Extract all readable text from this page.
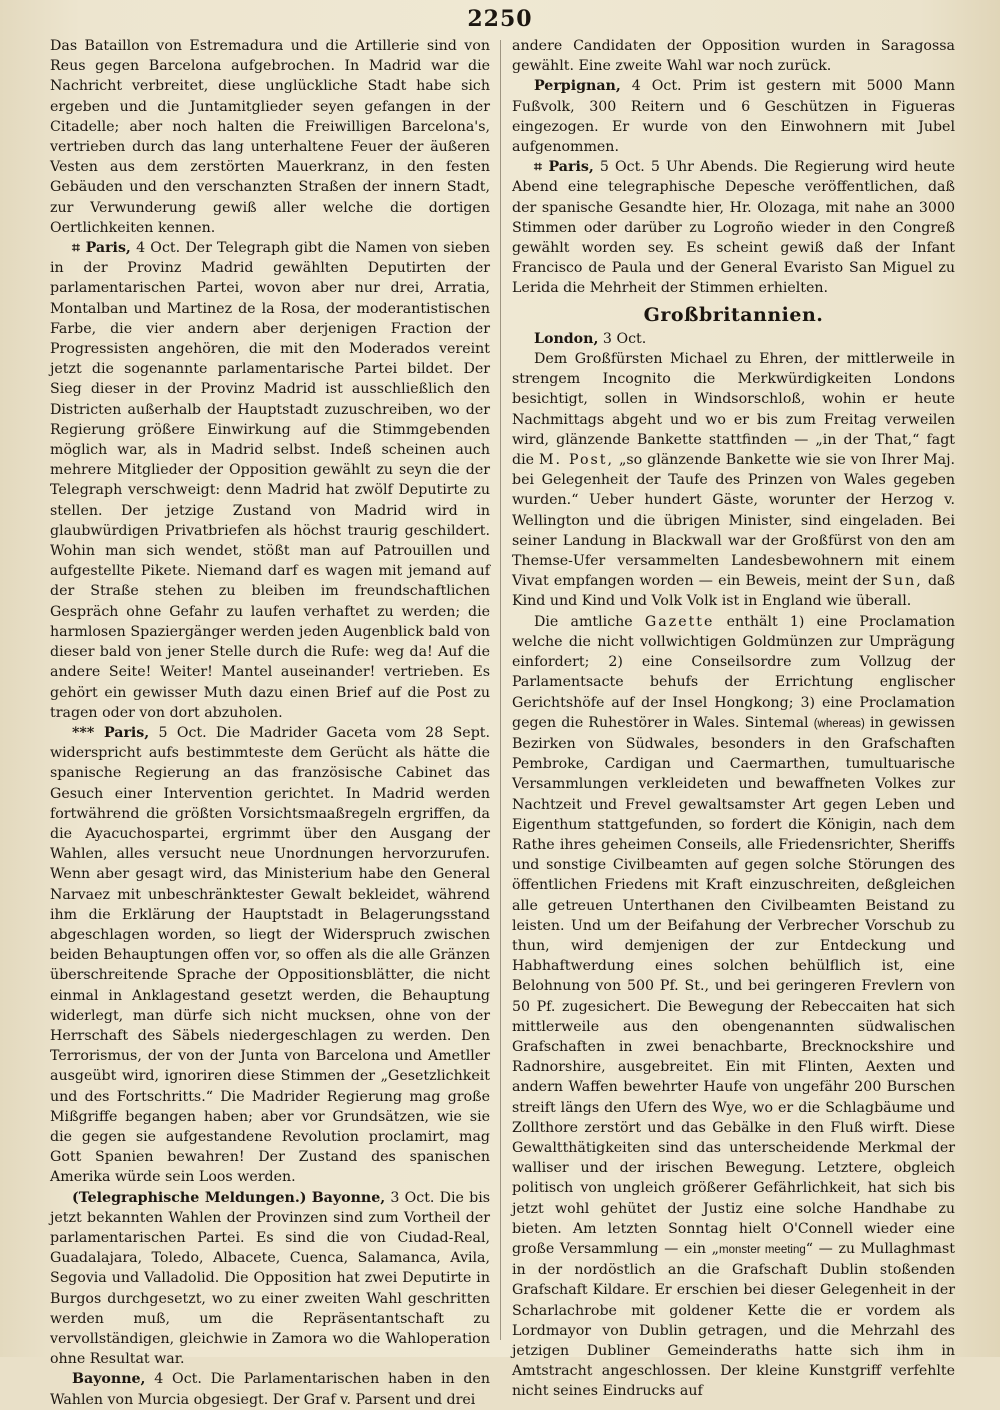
2250

Das Bataillon von Estremadura und die Artillerie sind von Reus gegen Barcelona aufgebrochen. In Madrid war die Nachricht verbreitet, diese unglückliche Stadt habe sich ergeben und die Juntamitglieder seyen gefangen in der Citadelle; aber noch halten die Freiwilligen Barcelona's, vertrieben durch das lang unterhaltene Feuer der äußeren Vesten aus dem zerstörten Mauerkranz, in den festen Gebäuden und den verschanzten Straßen der innern Stadt, zur Verwunderung gewiß aller welche die dortigen Oertlichkeiten kennen.

⌗ Paris, 4 Oct. Der Telegraph gibt die Namen von sieben in der Provinz Madrid gewählten Deputirten der parlamentarischen Partei, wovon aber nur drei, Arratia, Montalban und Martinez de la Rosa, der moderantistischen Farbe, die vier andern aber derjenigen Fraction der Progressisten angehören, die mit den Moderados vereint jetzt die sogenannte parlamentarische Partei bildet. Der Sieg dieser in der Provinz Madrid ist ausschließlich den Districten außerhalb der Hauptstadt zuzuschreiben, wo der Regierung größere Einwirkung auf die Stimmgebenden möglich war, als in Madrid selbst. Indeß scheinen auch mehrere Mitglieder der Opposition gewählt zu seyn die der Telegraph verschweigt: denn Madrid hat zwölf Deputirte zu stellen. Der jetzige Zustand von Madrid wird in glaubwürdigen Privatbriefen als höchst traurig geschildert. Wohin man sich wendet, stößt man auf Patrouillen und aufgestellte Pikete. Niemand darf es wagen mit jemand auf der Straße stehen zu bleiben im freundschaftlichen Gespräch ohne Gefahr zu laufen verhaftet zu werden; die harmlosen Spaziergänger werden jeden Augenblick bald von dieser bald von jener Stelle durch die Rufe: weg da! Auf die andere Seite! Weiter! Mantel auseinander! vertrieben. Es gehört ein gewisser Muth dazu einen Brief auf die Post zu tragen oder von dort abzuholen.

*** Paris, 5 Oct. Die Madrider Gaceta vom 28 Sept. widerspricht aufs bestimmteste dem Gerücht als hätte die spanische Regierung an das französische Cabinet das Gesuch einer Intervention gerichtet. In Madrid werden fortwährend die größten Vorsichtsmaaßregeln ergriffen, da die Ayacuchospartei, ergrimmt über den Ausgang der Wahlen, alles versucht neue Unordnungen hervorzurufen. Wenn aber gesagt wird, das Ministerium habe den General Narvaez mit unbeschränktester Gewalt bekleidet, während ihm die Erklärung der Hauptstadt in Belagerungsstand abgeschlagen worden, so liegt der Widerspruch zwischen beiden Behauptungen offen vor, so offen als die alle Gränzen überschreitende Sprache der Oppositionsblätter, die nicht einmal in Anklagestand gesetzt werden, die Behauptung widerlegt, man dürfe sich nicht mucksen, ohne von der Herrschaft des Säbels niedergeschlagen zu werden. Den Terrorismus, der von der Junta von Barcelona und Ametller ausgeübt wird, ignoriren diese Stimmen der „Gesetzlichkeit und des Fortschritts.“ Die Madrider Regierung mag große Mißgriffe begangen haben; aber vor Grundsätzen, wie sie die gegen sie aufgestandene Revolution proclamirt, mag Gott Spanien bewahren! Der Zustand des spanischen Amerika würde sein Loos werden.

(Telegraphische Meldungen.) Bayonne, 3 Oct. Die bis jetzt bekannten Wahlen der Provinzen sind zum Vortheil der parlamentarischen Partei. Es sind die von Ciudad-Real, Guadalajara, Toledo, Albacete, Cuenca, Salamanca, Avila, Segovia und Valladolid. Die Opposition hat zwei Deputirte in Burgos durchgesetzt, wo zu einer zweiten Wahl geschritten werden muß, um die Repräsentantschaft zu vervollständigen, gleichwie in Zamora wo die Wahloperation ohne Resultat war.

Bayonne, 4 Oct. Die Parlamentarischen haben in den Wahlen von Murcia obgesiegt. Der Graf v. Parsent und drei

andere Candidaten der Opposition wurden in Saragossa gewählt. Eine zweite Wahl war noch zurück.

Perpignan, 4 Oct. Prim ist gestern mit 5000 Mann Fußvolk, 300 Reitern und 6 Geschützen in Figueras eingezogen. Er wurde von den Einwohnern mit Jubel aufgenommen.

⌗ Paris, 5 Oct. 5 Uhr Abends. Die Regierung wird heute Abend eine telegraphische Depesche veröffentlichen, daß der spanische Gesandte hier, Hr. Olozaga, mit nahe an 3000 Stimmen oder darüber zu Logroño wieder in den Congreß gewählt worden sey. Es scheint gewiß daß der Infant Francisco de Paula und der General Evaristo San Miguel zu Lerida die Mehrheit der Stimmen erhielten.

Großbritannien.

London, 3 Oct.

Dem Großfürsten Michael zu Ehren, der mittlerweile in strengem Incognito die Merkwürdigkeiten Londons besichtigt, sollen in Windsorschloß, wohin er heute Nachmittags abgeht und wo er bis zum Freitag verweilen wird, glänzende Bankette stattfinden — „in der That,“ fagt die M. Post, „so glänzende Bankette wie sie von Ihrer Maj. bei Gelegenheit der Taufe des Prinzen von Wales gegeben wurden.“ Ueber hundert Gäste, worunter der Herzog v. Wellington und die übrigen Minister, sind eingeladen. Bei seiner Landung in Blackwall war der Großfürst von den am Themse-Ufer versammelten Landesbewohnern mit einem Vivat empfangen worden — ein Beweis, meint der Sun, daß Kind und Kind und Volk Volk ist in England wie überall.

Die amtliche Gazette enthält 1) eine Proclamation welche die nicht vollwichtigen Goldmünzen zur Umprägung einfordert; 2) eine Conseilsordre zum Vollzug der Parlamentsacte behufs der Errichtung englischer Gerichtshöfe auf der Insel Hongkong; 3) eine Proclamation gegen die Ruhestörer in Wales. Sintemal (whereas) in gewissen Bezirken von Südwales, besonders in den Grafschaften Pembroke, Cardigan und Caermarthen, tumultuarische Versammlungen verkleideten und bewaffneten Volkes zur Nachtzeit und Frevel gewaltsamster Art gegen Leben und Eigenthum stattgefunden, so fordert die Königin, nach dem Rathe ihres geheimen Conseils, alle Friedensrichter, Sheriffs und sonstige Civilbeamten auf gegen solche Störungen des öffentlichen Friedens mit Kraft einzuschreiten, deßgleichen alle getreuen Unterthanen den Civilbeamten Beistand zu leisten. Und um der Beifahung der Verbrecher Vorschub zu thun, wird demjenigen der zur Entdeckung und Habhaftwerdung eines solchen behülflich ist, eine Belohnung von 500 Pf. St., und bei geringeren Frevlern von 50 Pf. zugesichert. Die Bewegung der Rebeccaiten hat sich mittlerweile aus den obengenannten südwalischen Grafschaften in zwei benachbarte, Brecknockshire und Radnorshire, ausgebreitet. Ein mit Flinten, Aexten und andern Waffen bewehrter Haufe von ungefähr 200 Burschen streift längs den Ufern des Wye, wo er die Schlagbäume und Zollthore zerstört und das Gebälke in den Fluß wirft. Diese Gewaltthätigkeiten sind das unterscheidende Merkmal der walliser und der irischen Bewegung. Letztere, obgleich politisch von ungleich größerer Gefährlichkeit, hat sich bis jetzt wohl gehütet der Justiz eine solche Handhabe zu bieten. Am letzten Sonntag hielt O'Connell wieder eine große Versammlung — ein „monster meeting“ — zu Mullaghmast in der nordöstlich an die Grafschaft Dublin stoßenden Grafschaft Kildare. Er erschien bei dieser Gelegenheit in der Scharlachrobe mit goldener Kette die er vordem als Lordmayor von Dublin getragen, und die Mehrzahl des jetzigen Dubliner Gemeinderaths hatte sich ihm in Amtstracht angeschlossen. Der kleine Kunstgriff verfehlte nicht seines Eindrucks auf
